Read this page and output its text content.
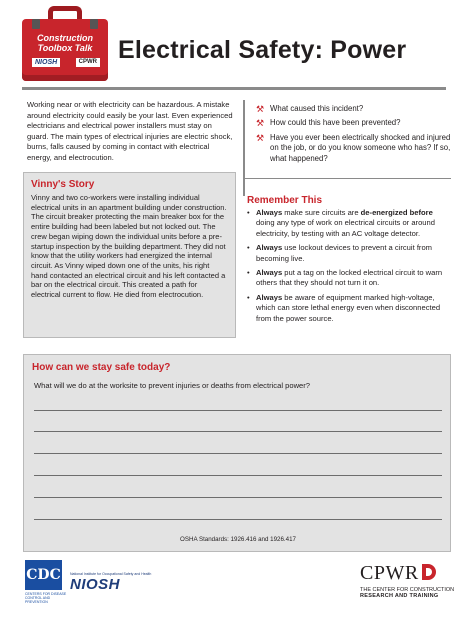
Construction
Toolbox Talk
NIOSH	CPWR Electrical Safety: Power

Working near or with electricity can be hazardous. A mistake around electricity could easily be your last. Even experienced electricians and electrical power installers must stay on guard. The main types of electrical injuries are electric shock, burns, falls caused by coming in contact with electrical energy, and electrocution.

Vinny's Story

Vinny and two co-workers were installing individual electrical units in an apartment building under construction. The circuit breaker protecting the main breaker box for the entire building had been labeled but not locked out. The crew began wiping down the individual units before a pre-startup inspection by the building department. They did not know that the utility workers had energized the internal circuit. As Vinny wiped down one of the units, his right hand contacted an electrical circuit and his left contacted a bar on the electrical circuit. This created a path for electrical current to flow. He died from electrocution.

⚒ What caused this incident?
⚒ How could this have been prevented?
⚒ Have you ever been electrically shocked and injured on the job, or do you know someone who has? If so, what happened?
Remember This
• Always make sure circuits are de-energized before doing any type of work on electrical circuits or around electricity, by testing with an AC voltage detector.
• Always use lockout devices to prevent a circuit from becoming live.
• Always put a tag on the locked electrical circuit to warn others that they should not turn it on.
• Always be aware of equipment marked high-voltage, which can store lethal energy even when disconnected from the power source.
How can we stay safe today?
What will we do at the worksite to prevent injuries or deaths from electrical power?
OSHA Standards: 1926.416 and 1926.417
CDC
CENTERS FOR DISEASE CONTROL AND PREVENTION
National Institute for Occupational Safety and Health
NIOSH
CPWR
THE CENTER FOR CONSTRUCTION
RESEARCH AND TRAINING
